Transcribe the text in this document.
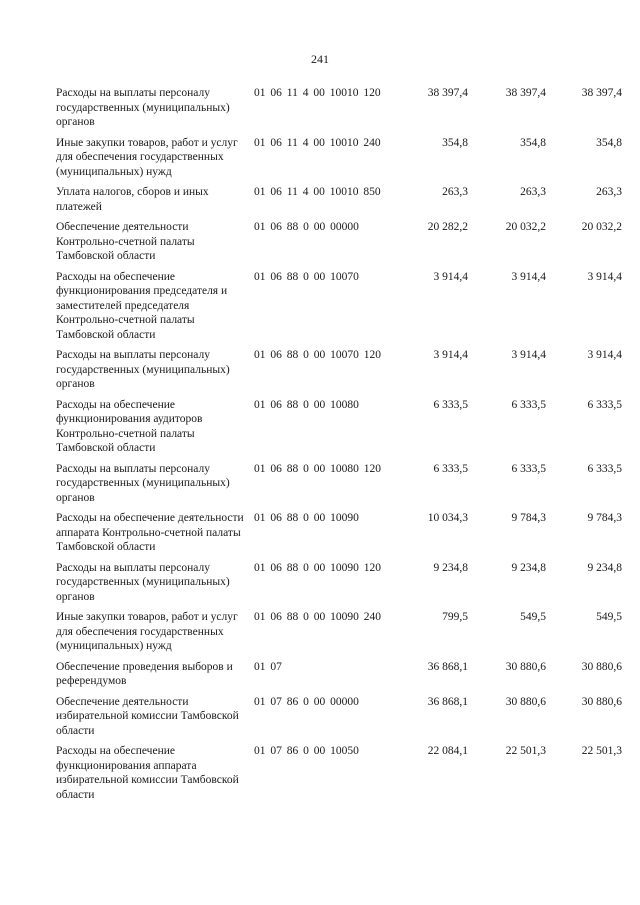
241
Расходы на выплаты персоналу государственных (муниципальных) органов
01 06 11 4 00 10010 120	38 397,4	38 397,4	38 397,4
Иные закупки товаров, работ и услуг для обеспечения государственных (муниципальных) нужд
01 06 11 4 00 10010 240	354,8	354,8	354,8
Уплата налогов, сборов и иных платежей
01 06 11 4 00 10010 850	263,3	263,3	263,3
Обеспечение деятельности Контрольно-счетной палаты Тамбовской области
01 06 88 0 00 00000	20 282,2	20 032,2	20 032,2
Расходы на обеспечение функционирования председателя и заместителей председателя Контрольно-счетной палаты Тамбовской области
01 06 88 0 00 10070	3 914,4	3 914,4	3 914,4
Расходы на выплаты персоналу государственных (муниципальных) органов
01 06 88 0 00 10070 120	3 914,4	3 914,4	3 914,4
Расходы на обеспечение функционирования аудиторов Контрольно-счетной палаты Тамбовской области
01 06 88 0 00 10080	6 333,5	6 333,5	6 333,5
Расходы на выплаты персоналу государственных (муниципальных) органов
01 06 88 0 00 10080 120	6 333,5	6 333,5	6 333,5
Расходы на обеспечение деятельности аппарата Контрольно-счетной палаты Тамбовской области
01 06 88 0 00 10090	10 034,3	9 784,3	9 784,3
Расходы на выплаты персоналу государственных (муниципальных) органов
01 06 88 0 00 10090 120	9 234,8	9 234,8	9 234,8
Иные закупки товаров, работ и услуг для обеспечения государственных (муниципальных) нужд
01 06 88 0 00 10090 240	799,5	549,5	549,5
Обеспечение проведения выборов и референдумов
01 07	36 868,1	30 880,6	30 880,6
Обеспечение деятельности избирательной комиссии Тамбовской области
01 07 86 0 00 00000	36 868,1	30 880,6	30 880,6
Расходы на обеспечение функционирования аппарата избирательной комиссии Тамбовской области
01 07 86 0 00 10050	22 084,1	22 501,3	22 501,3
